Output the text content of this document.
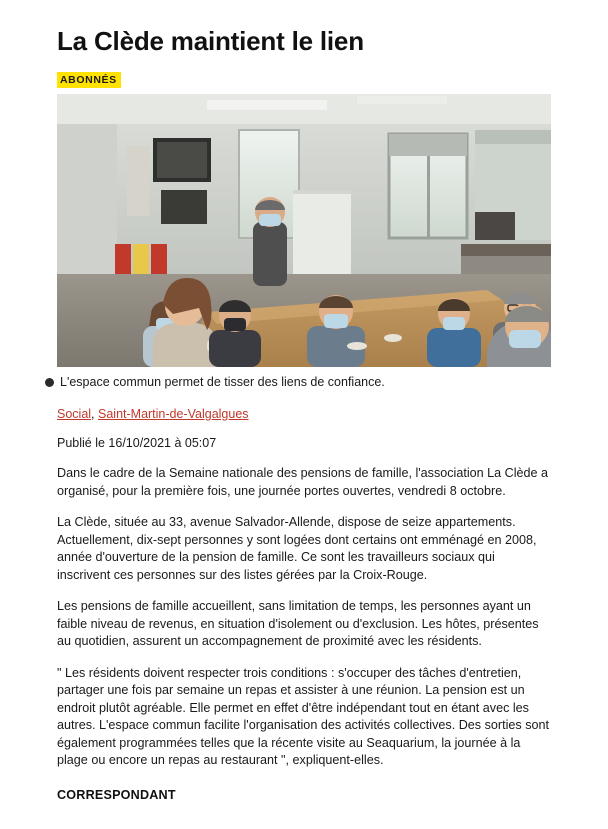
La Clède maintient le lien
ABONNÉS
L'espace commun permet de tisser des liens de confiance.
Social, Saint-Martin-de-Valgalgues
Publié le 16/10/2021 à 05:07

Dans le cadre de la Semaine nationale des pensions de famille, l'association La Clède a organisé, pour la première fois, une journée portes ouvertes, vendredi 8 octobre.

La Clède, située au 33, avenue Salvador-Allende, dispose de seize appartements. Actuellement, dix-sept personnes y sont logées dont certains ont emménagé en 2008, année d'ouverture de la pension de famille. Ce sont les travailleurs sociaux qui inscrivent ces personnes sur des listes gérées par la Croix-Rouge.

Les pensions de famille accueillent, sans limitation de temps, les personnes ayant un faible niveau de revenus, en situation d'isolement ou d'exclusion. Les hôtes, présentes au quotidien, assurent un accompagnement de proximité avec les résidents.

" Les résidents doivent respecter trois conditions : s'occuper des tâches d'entretien, partager une fois par semaine un repas et assister à une réunion. La pension est un endroit plutôt agréable. Elle permet en effet d'être indépendant tout en étant avec les autres. L'espace commun facilite l'organisation des activités collectives. Des sorties sont également programmées telles que la récente visite au Seaquarium, la journée à la plage ou encore un repas au restaurant ", expliquent-elles.

CORRESPONDANT
